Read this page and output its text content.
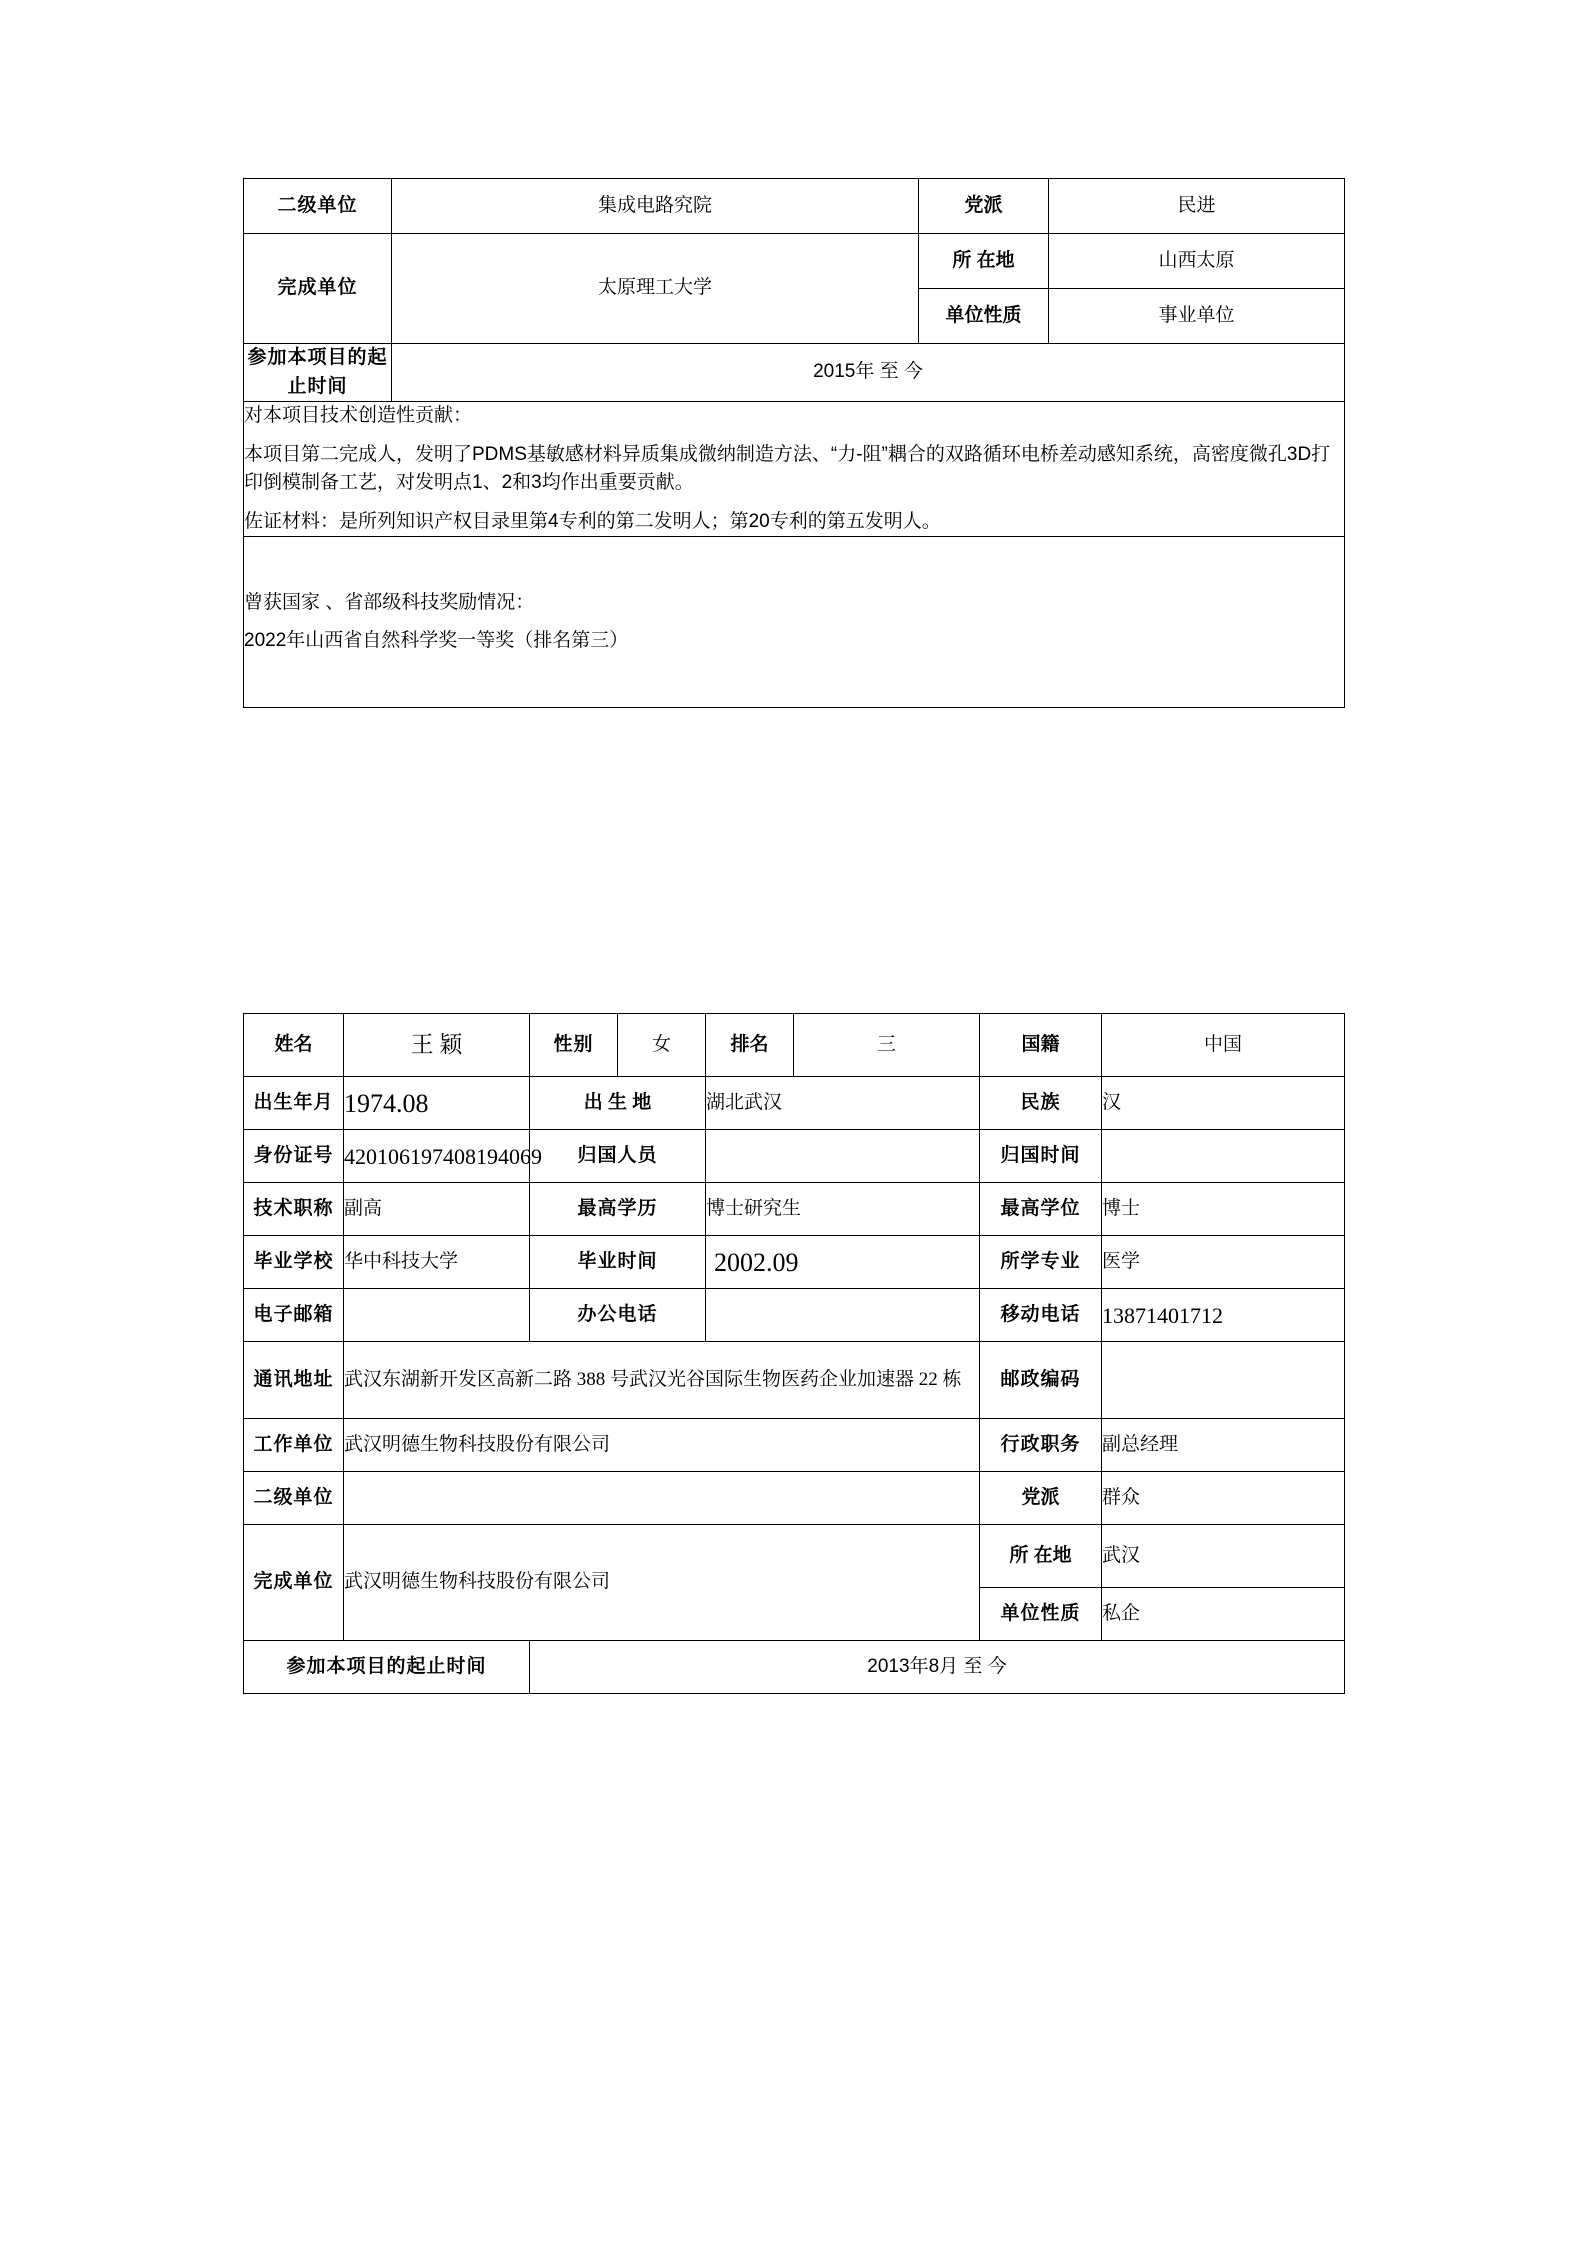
二级单位	集成电路究院	党派	民进
完成单位	太原理工大学	所 在地	山西太原
		单位性质	事业单位
参加本项目的起止时间	2015年 至 今		

对本项目技术创造性贡献：

本项目第二完成人，发明了PDMS基敏感材料异质集成微纳制造方法、“力-阻”耦合的双路循环电桥差动感知系统，高密度微孔3D打印倒模制备工艺，对发明点1、2和3均作出重要贡献。

佐证材料：是所列知识产权目录里第4专利的第二发明人；第20专利的第五发明人。			

曾获国家 、省部级科技奖励情况：

2022年山西省自然科学奖一等奖（排名第三）			

姓名	王 颖	性别	女	排名	三	国籍	中国
出生年月	1974.08	出 生 地		湖北武汉		民族	汉
身份证号	420106197408194069	归国人员				归国时间	
技术职称	副高	最高学历		博士研究生		最高学位	博士
毕业学校	华中科技大学	毕业时间		2002.09		所学专业	医学
电子邮箱		办公电话				移动电话	13871401712
通讯地址	武汉东湖新开发区高新二路 388 号武汉光谷国际生物医药企业加速器 22 栋					邮政编码	
工作单位	武汉明德生物科技股份有限公司					行政职务	副总经理
二级单位						党派	群众
完成单位	武汉明德生物科技股份有限公司					所 在地	武汉
						单位性质	私企
参加本项目的起止时间		2013年8月 至 今					
